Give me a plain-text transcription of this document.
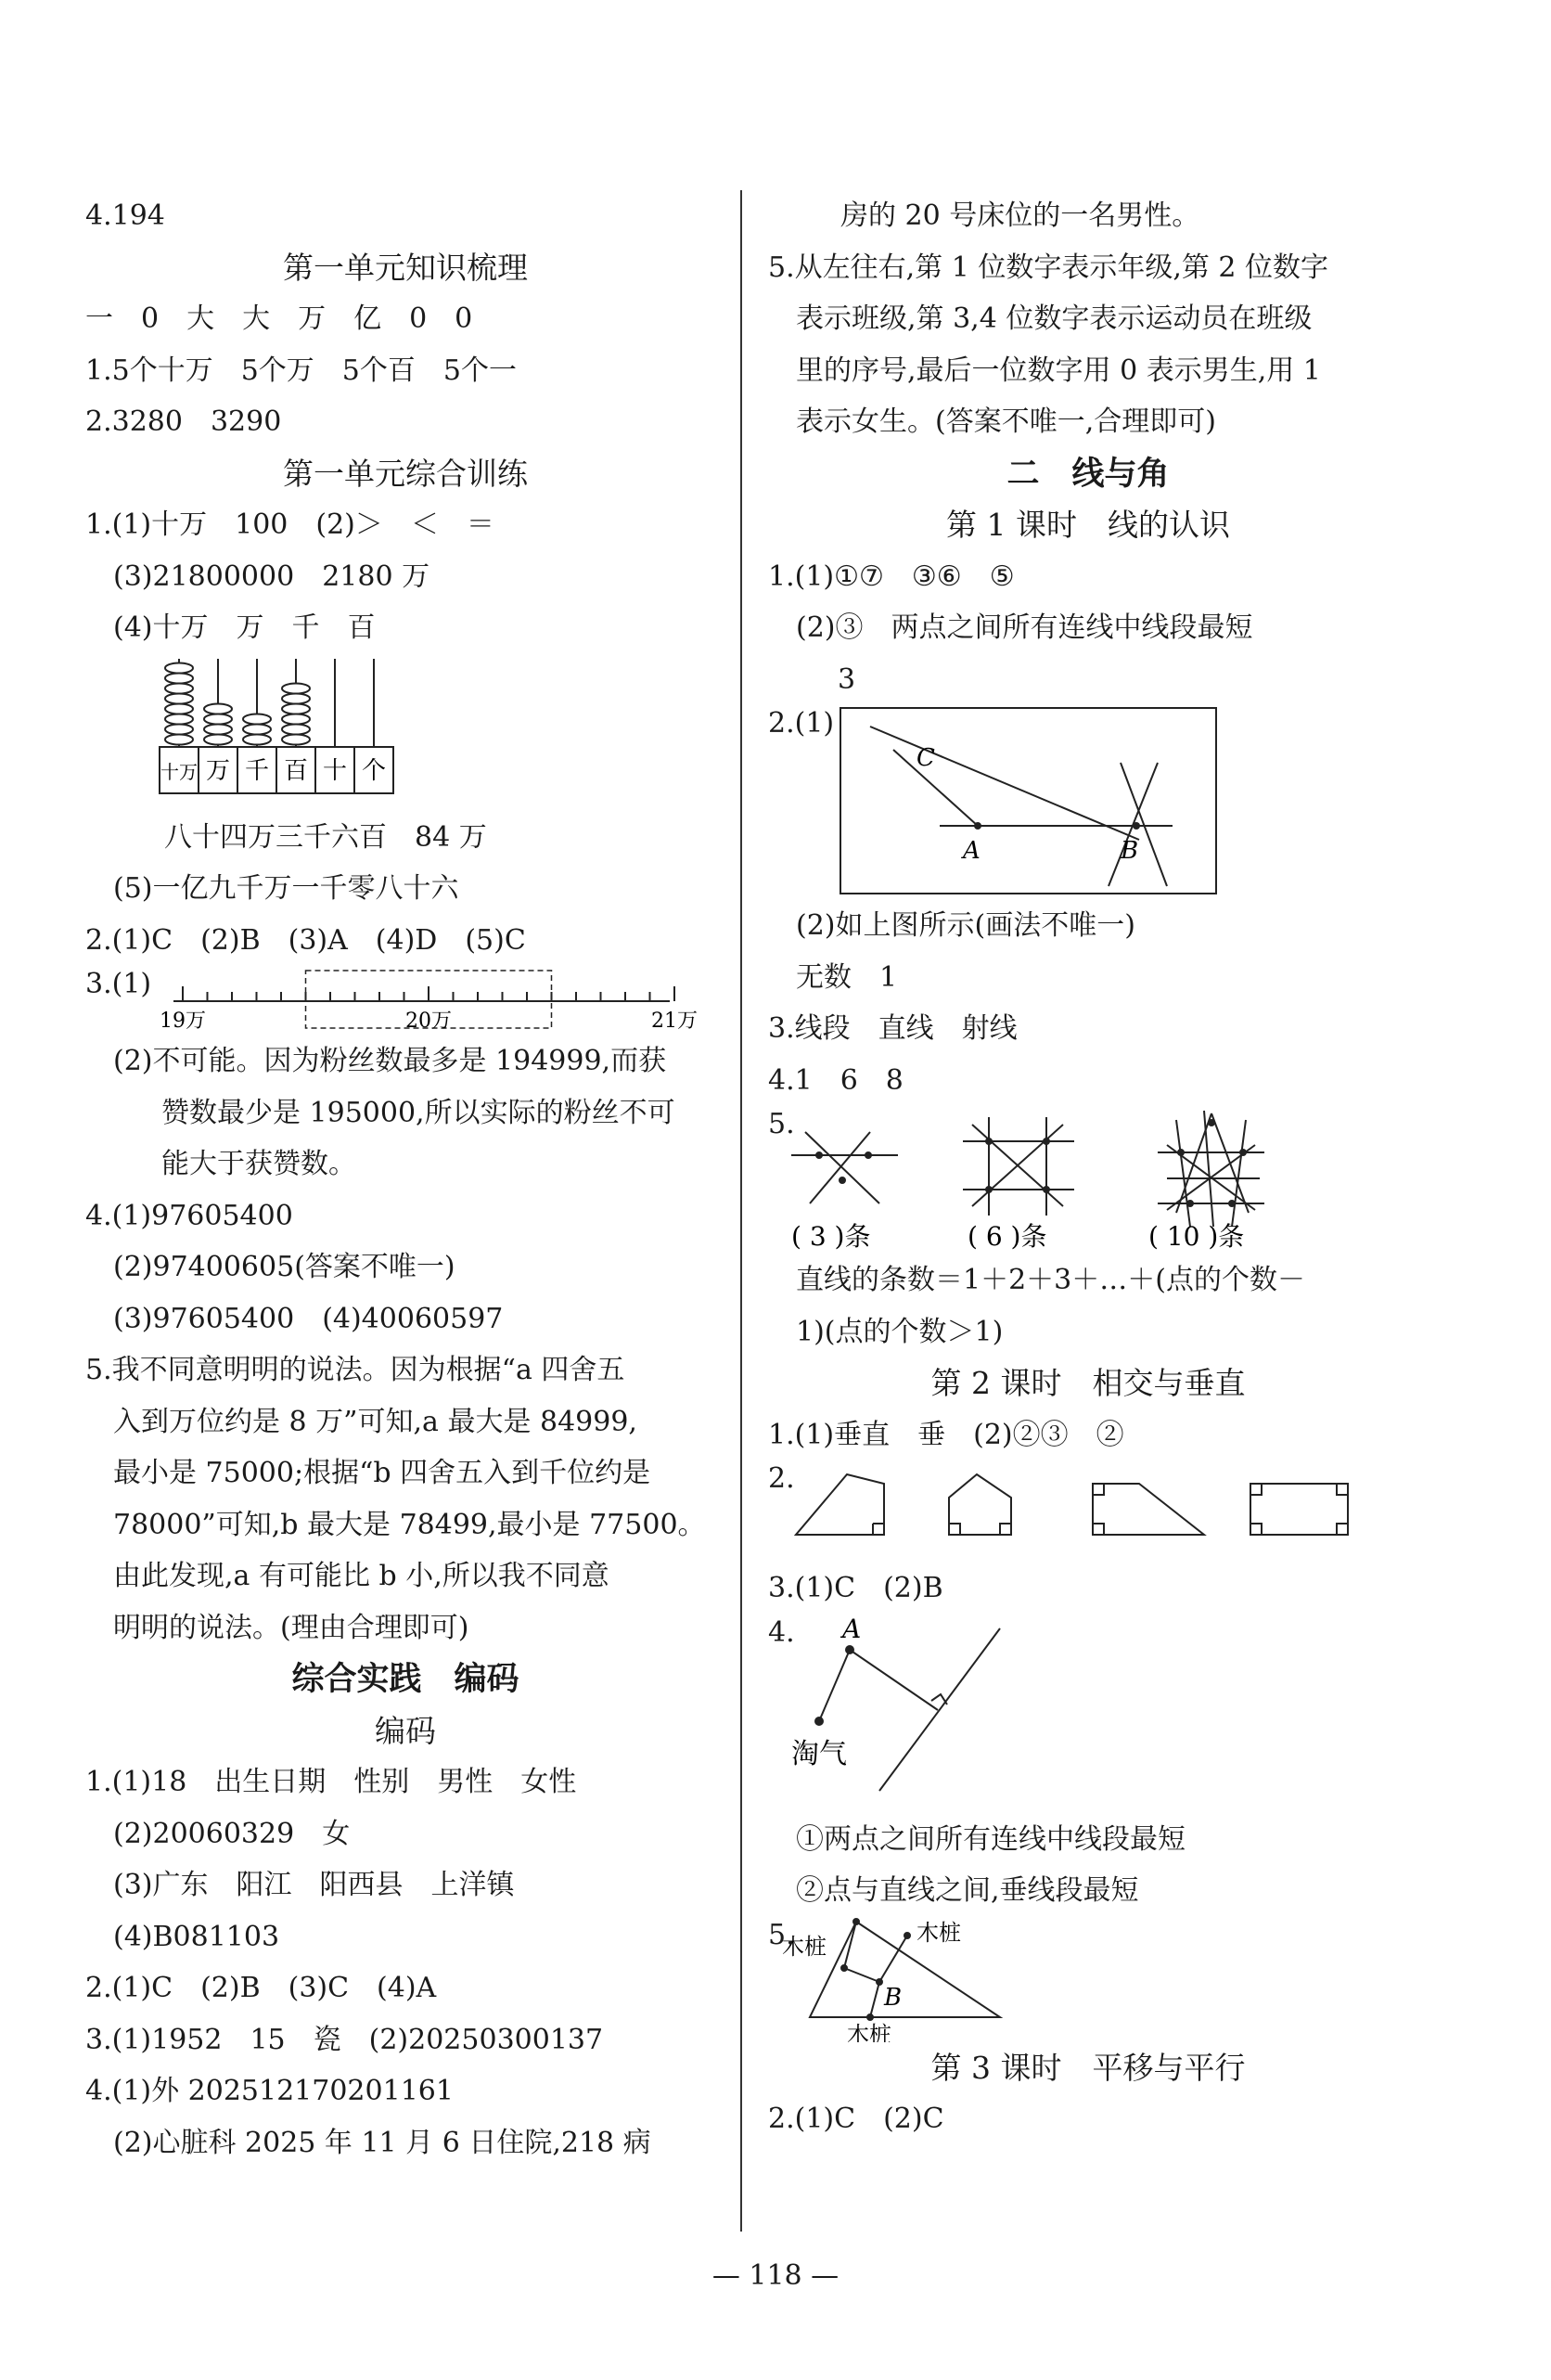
4.194
第一单元知识梳理
一　0　大　大　万　亿　0　0
1.5个十万　5个万　5个百　5个一
2.3280　3290
第一单元综合训练
1.(1)十万　100　(2)＞　＜　＝
(3)21800000　2180 万
(4)十万　万　千　百
十万 万 千 百 十 个
八十四万三千六百　84 万
(5)一亿九千万一千零八十六
2.(1)C　(2)B　(3)A　(4)D　(5)C
3.(1)
19万	20万	21万
(2)不可能。因为粉丝数最多是 194999,而获
赞数最少是 195000,所以实际的粉丝不可
能大于获赞数。
4.(1)97605400
(2)97400605(答案不唯一)
(3)97605400　(4)40060597
5.我不同意明明的说法。因为根据“a 四舍五
入到万位约是 8 万”可知,a 最大是 84999,
最小是 75000;根据“b 四舍五入到千位约是
78000”可知,b 最大是 78499,最小是 77500。
由此发现,a 有可能比 b 小,所以我不同意
明明的说法。(理由合理即可)
综合实践　编码
编码
1.(1)18　出生日期　性别　男性　女性
(2)20060329　女
(3)广东　阳江　阳西县　上洋镇
(4)B081103
2.(1)C　(2)B　(3)C　(4)A
3.(1)1952　15　瓷　(2)20250300137
4.(1)外 202512170201161
(2)心脏科 2025 年 11 月 6 日住院,218 病
房的 20 号床位的一名男性。
5.从左往右,第 1 位数字表示年级,第 2 位数字
表示班级,第 3,4 位数字表示运动员在班级
里的序号,最后一位数字用 0 表示男生,用 1
表示女生。(答案不唯一,合理即可)
二　线与角
第 1 课时　线的认识
1.(1)①⑦　③⑥　⑤
(2)③　两点之间所有连线中线段最短
3
2.(1)
C
A	B
(2)如上图所示(画法不唯一)
无数　1
3.线段　直线　射线
4.1　6　8
5.
( 3 )条	( 6 )条	( 10 )条
直线的条数＝1＋2＋3＋…＋(点的个数－
1)(点的个数＞1)
第 2 课时　相交与垂直
1.(1)垂直　垂　(2)②③　②
2.
3.(1)C　(2)B
4. A
淘气
①两点之间所有连线中线段最短
②点与直线之间,垂线段最短
5.
木桩
木桩
木桩
B
第 3 课时　平移与平行
2.(1)C　(2)C
— 118 —
